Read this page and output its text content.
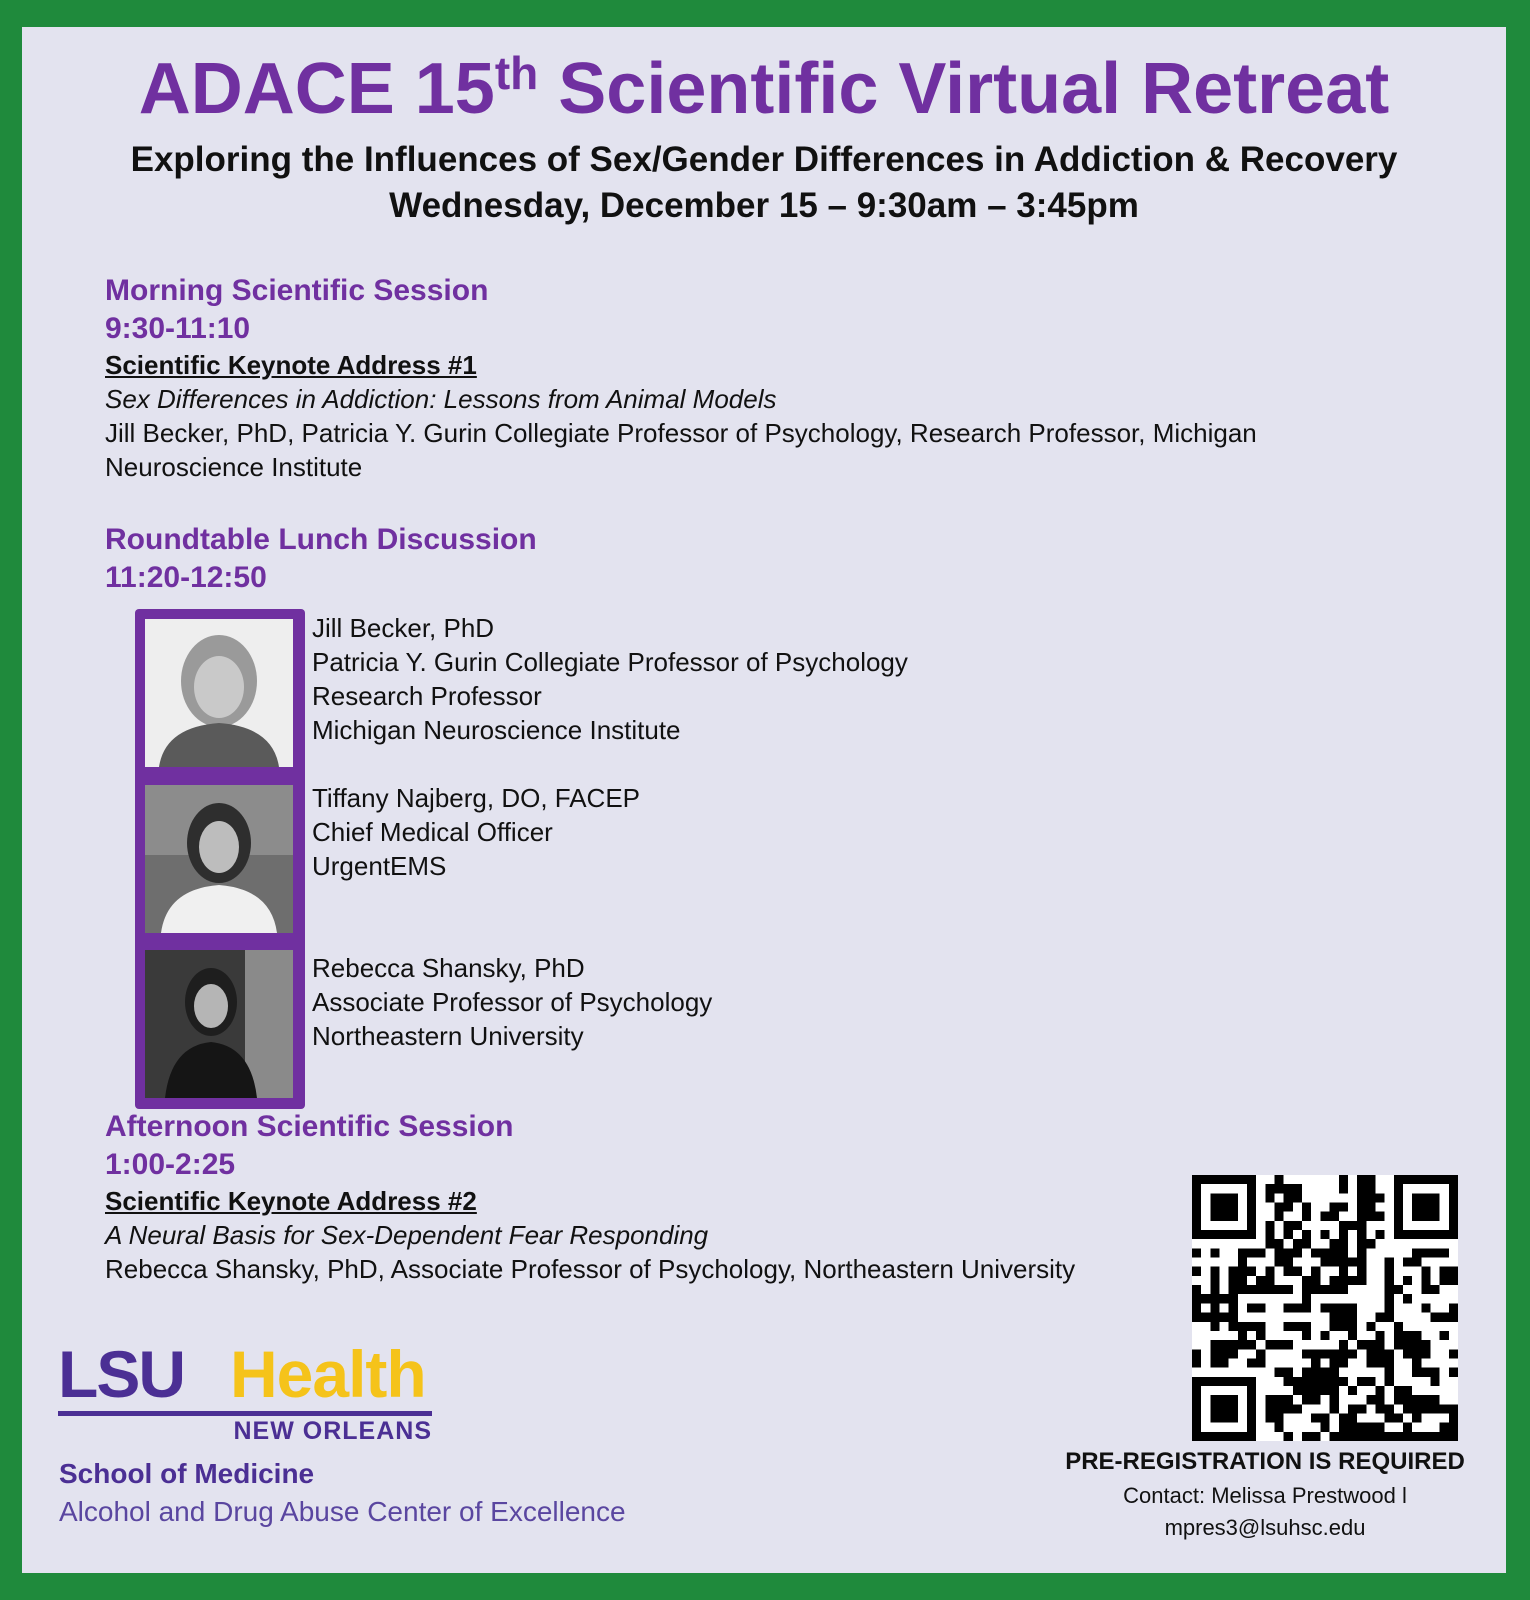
ADACE 15th Scientific Virtual Retreat
Exploring the Influences of Sex/Gender Differences in Addiction & Recovery
Wednesday, December 15 – 9:30am – 3:45pm
Morning Scientific Session
9:30-11:10
Scientific Keynote Address #1
Sex Differences in Addiction: Lessons from Animal Models
Jill Becker, PhD, Patricia Y. Gurin Collegiate Professor of Psychology, Research Professor, Michigan
Neuroscience Institute
Roundtable Lunch Discussion
11:20-12:50
Jill Becker, PhD
Patricia Y. Gurin Collegiate Professor of Psychology
Research Professor
Michigan Neuroscience Institute
Tiffany Najberg, DO, FACEP
Chief Medical Officer
UrgentEMS
Rebecca Shansky, PhD
Associate Professor of Psychology
Northeastern University
Afternoon Scientific Session
1:00-2:25
Scientific Keynote Address #2
A Neural Basis for Sex-Dependent Fear Responding
Rebecca Shansky, PhD, Associate Professor of Psychology, Northeastern University
PRE-REGISTRATION IS REQUIRED
Contact: Melissa Prestwood l
mpres3@lsuhsc.edu
LSU Health
NEW ORLEANS
School of Medicine
Alcohol and Drug Abuse Center of Excellence
